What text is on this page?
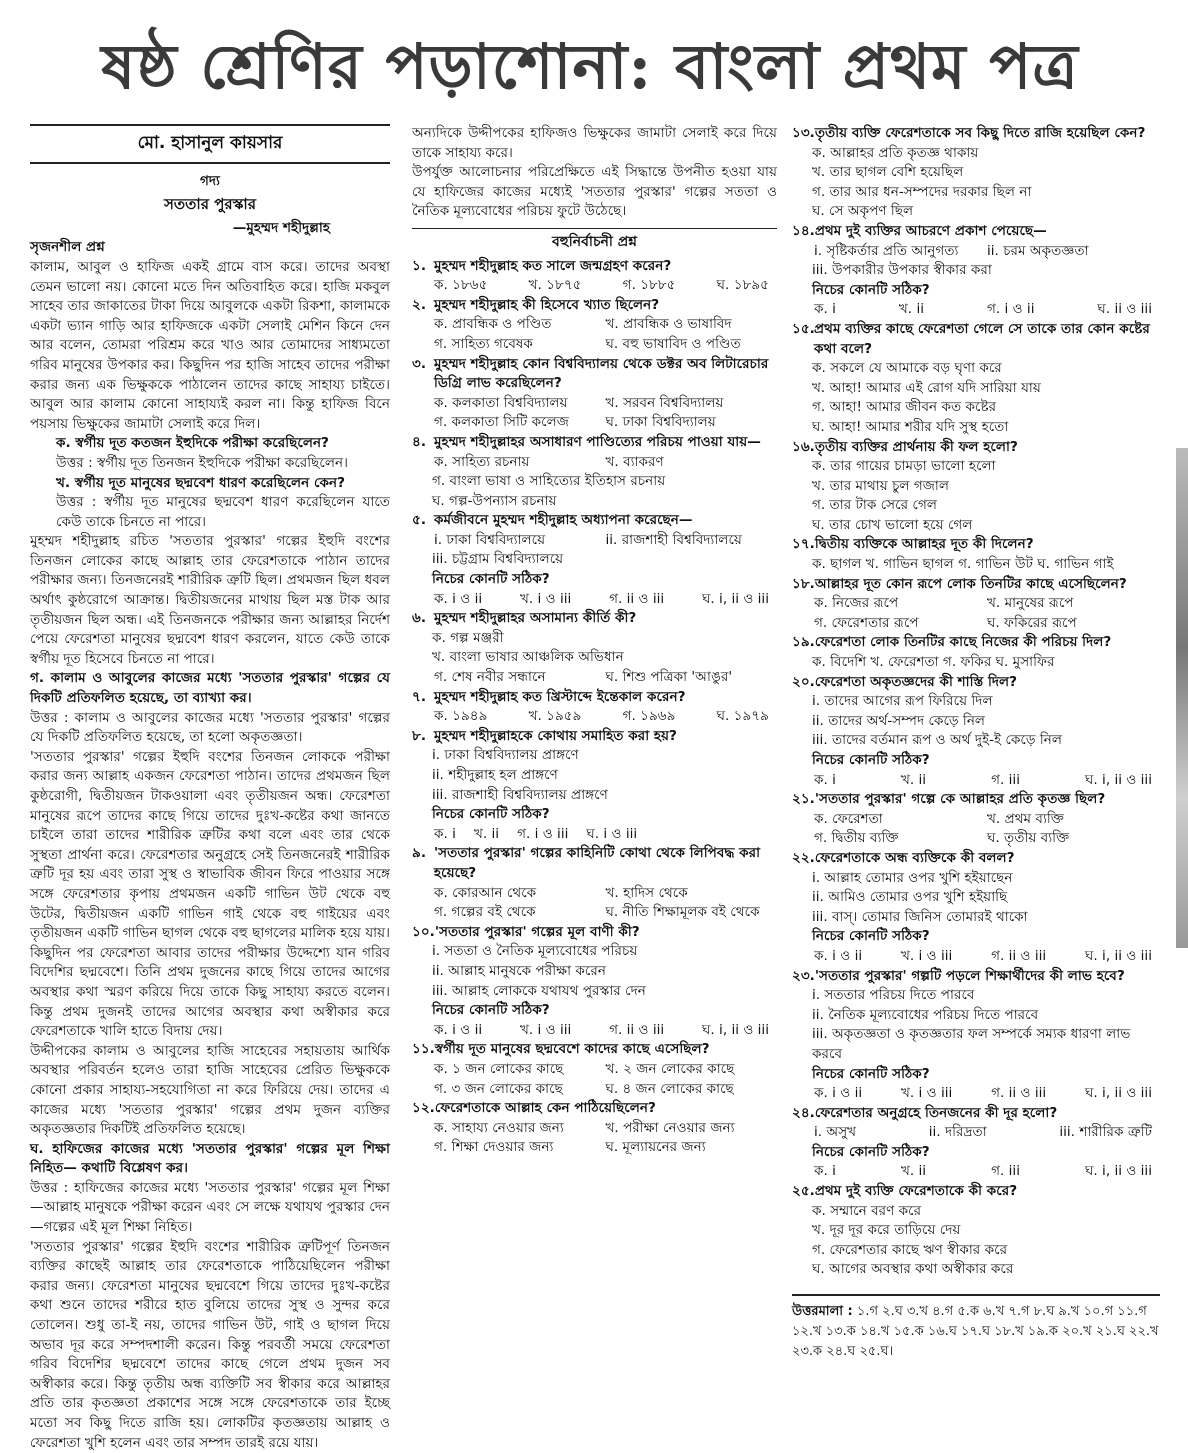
ষষ্ঠ শ্রেণির পড়াশোনা: বাংলা প্রথম পত্র
মো. হাসানুল কায়সার
গদ্য
সততার পুরস্কার
—মুহম্মদ শহীদুল্লাহ
সৃজনশীল প্রশ্ন
কালাম, আবুল ও হাফিজ একই গ্রামে বাস করে। তাদের অবস্থা তেমন ভালো নয়। কোনো মতে দিন অতিবাহিত করে। হাজি মকবুল সাহেব তার জাকাতের টাকা দিয়ে আবুলকে একটা রিকশা, কালামকে একটা ভ্যান গাড়ি আর হাফিজকে একটা সেলাই মেশিন কিনে দেন আর বলেন, তোমরা পরিশ্রম করে খাও আর তোমাদের সাধ্যমতো গরিব মানুষের উপকার কর। কিছুদিন পর হাজি সাহেব তাদের পরীক্ষা করার জন্য এক ভিক্ষুককে পাঠালেন তাদের কাছে সাহায্য চাইতে। আবুল আর কালাম কোনো সাহায্যই করল না। কিন্তু হাফিজ বিনে পয়সায় ভিক্ষুকের জামাটা সেলাই করে দিল।
ক. স্বর্গীয় দূত কতজন ইহুদিকে পরীক্ষা করেছিলেন?
উত্তর : স্বর্গীয় দূত তিনজন ইহুদিকে পরীক্ষা করেছিলেন।
খ. স্বর্গীয় দূত মানুষের ছদ্মবেশ ধারণ করেছিলেন কেন?
উত্তর : স্বর্গীয় দূত মানুষের ছদ্মবেশ ধারণ করেছিলেন যাতে কেউ তাকে চিনতে না পারে।
মুহম্মদ শহীদুল্লাহ রচিত 'সততার পুরস্কার' গল্পের ইহুদি বংশের তিনজন লোকের কাছে আল্লাহ তার ফেরেশতাকে পাঠান তাদের পরীক্ষার জন্য। তিনজনেরই শারীরিক ত্রুটি ছিল। প্রথমজন ছিল ধবল অর্থাৎ কুষ্ঠরোগে আক্রান্ত। দ্বিতীয়জনের মাথায় ছিল মস্ত টাক আর তৃতীয়জন ছিল অন্ধ। এই তিনজনকে পরীক্ষার জন্য আল্লাহর নির্দেশ পেয়ে ফেরেশতা মানুষের ছদ্মবেশ ধারণ করলেন, যাতে কেউ তাকে স্বর্গীয় দূত হিসেবে চিনতে না পারে।
গ. কালাম ও আবুলের কাজের মধ্যে 'সততার পুরস্কার' গল্পের যে দিকটি প্রতিফলিত হয়েছে, তা ব্যাখ্যা কর।
উত্তর : কালাম ও আবুলের কাজের মধ্যে 'সততার পুরস্কার' গল্পের যে দিকটি প্রতিফলিত হয়েছে, তা হলো অকৃতজ্ঞতা।
'সততার পুরস্কার' গল্পের ইহুদি বংশের তিনজন লোককে পরীক্ষা করার জন্য আল্লাহ একজন ফেরেশতা পাঠান। তাদের প্রথমজন ছিল কুষ্ঠরোগী, দ্বিতীয়জন টাকওয়ালা এবং তৃতীয়জন অন্ধ। ফেরেশতা মানুষের রূপে তাদের কাছে গিয়ে তাদের দুঃখ-কষ্টের কথা জানতে চাইলে তারা তাদের শারীরিক ত্রুটির কথা বলে এবং তার থেকে সুস্থতা প্রার্থনা করে। ফেরেশতার অনুগ্রহে সেই তিনজনেরই শারীরিক ত্রুটি দূর হয় এবং তারা সুস্থ ও স্বাভাবিক জীবন ফিরে পাওয়ার সঙ্গে সঙ্গে ফেরেশতার কৃপায় প্রথমজন একটি গাভিন উট থেকে বহু উটের, দ্বিতীয়জন একটি গাভিন গাই থেকে বহু গাইয়ের এবং তৃতীয়জন একটি গাভিন ছাগল থেকে বহু ছাগলের মালিক হয়ে যায়। কিছুদিন পর ফেরেশতা আবার তাদের পরীক্ষার উদ্দেশ্যে যান গরিব বিদেশির ছদ্মবেশে। তিনি প্রথম দুজনের কাছে গিয়ে তাদের আগের অবস্থার কথা স্মরণ করিয়ে দিয়ে তাকে কিছু সাহায্য করতে বলেন। কিন্তু প্রথম দুজনই তাদের আগের অবস্থার কথা অস্বীকার করে ফেরেশতাকে খালি হাতে বিদায় দেয়।
উদ্দীপকের কালাম ও আবুলের হাজি সাহেবের সহায়তায় আর্থিক অবস্থার পরিবর্তন হলেও তারা হাজি সাহেবের প্রেরিত ভিক্ষুককে কোনো প্রকার সাহায্য-সহযোগিতা না করে ফিরিয়ে দেয়। তাদের এ কাজের মধ্যে 'সততার পুরস্কার' গল্পের প্রথম দুজন ব্যক্তির অকৃতজ্ঞতার দিকটিই প্রতিফলিত হয়েছে।
ঘ. হাফিজের কাজের মধ্যে 'সততার পুরস্কার' গল্পের মূল শিক্ষা নিহিত— কথাটি বিশ্লেষণ কর।
উত্তর : হাফিজের কাজের মধ্যে 'সততার পুরস্কার' গল্পের মূল শিক্ষা—আল্লাহ মানুষকে পরীক্ষা করেন এবং সে লক্ষে যথাযথ পুরস্কার দেন—গল্পের এই মূল শিক্ষা নিহিত।
'সততার পুরস্কার' গল্পের ইহুদি বংশের শারীরিক ত্রুটিপূর্ণ তিনজন ব্যক্তির কাছেই আল্লাহ তার ফেরেশতাকে পাঠিয়েছিলেন পরীক্ষা করার জন্য। ফেরেশতা মানুষের ছদ্মবেশে গিয়ে তাদের দুঃখ-কষ্টের কথা শুনে তাদের শরীরে হাত বুলিয়ে তাদের সুস্থ ও সুন্দর করে তোলেন। শুধু তা-ই নয়, তাদের গাভিন উট, গাই ও ছাগল দিয়ে অভাব দূর করে সম্পদশালী করেন। কিন্তু পরবর্তী সময়ে ফেরেশতা গরিব বিদেশির ছদ্মবেশে তাদের কাছে গেলে প্রথম দুজন সব অস্বীকার করে। কিন্তু তৃতীয় অন্ধ ব্যক্তিটি সব স্বীকার করে আল্লাহর প্রতি তার কৃতজ্ঞতা প্রকাশের সঙ্গে সঙ্গে ফেরেশতাকে তার ইচ্ছে মতো সব কিছু দিতে রাজি হয়। লোকটির কৃতজ্ঞতায় আল্লাহ ও ফেরেশতা খুশি হলেন এবং তার সম্পদ তারই রয়ে যায়।
অন্যদিকে উদ্দীপকের হাফিজও ভিক্ষুকের জামাটা সেলাই করে দিয়ে তাকে সাহায্য করে।
উপর্যুক্ত আলোচনার পরিপ্রেক্ষিতে এই সিদ্ধান্তে উপনীত হওয়া যায় যে হাফিজের কাজের মধ্যেই 'সততার পুরস্কার' গল্পের সততা ও নৈতিক মূল্যবোধের পরিচয় ফুটে উঠেছে।
বহুনির্বাচনী প্রশ্ন
১. মুহম্মদ শহীদুল্লাহ কত সালে জন্মগ্রহণ করেন?
ক. ১৮৬৫	খ. ১৮৭৫	গ. ১৮৮৫	ঘ. ১৮৯৫
২. মুহম্মদ শহীদুল্লাহ কী হিসেবে খ্যাত ছিলেন?
ক. প্রাবন্ধিক ও পণ্ডিত	খ. প্রাবন্ধিক ও ভাষাবিদ
গ. সাহিত্য গবেষক	ঘ. বহু ভাষাবিদ ও পণ্ডিত
৩. মুহম্মদ শহীদুল্লাহ কোন বিশ্ববিদ্যালয় থেকে ডক্টর অব লিটারেচার ডিগ্রি লাভ করেছিলেন?
ক. কলকাতা বিশ্ববিদ্যালয়	খ. সরবন বিশ্ববিদ্যালয়
গ. কলকাতা সিটি কলেজ	ঘ. ঢাকা বিশ্ববিদ্যালয়
৪. মুহম্মদ শহীদুল্লাহর অসাধারণ পাণ্ডিত্যের পরিচয় পাওয়া যায়—
ক. সাহিত্য রচনায়	খ. ব্যাকরণ
গ. বাংলা ভাষা ও সাহিত্যের ইতিহাস রচনায়
ঘ. গল্প-উপন্যাস রচনায়
৫. কর্মজীবনে মুহম্মদ শহীদুল্লাহ অধ্যাপনা করেছেন—
i. ঢাকা বিশ্ববিদ্যালয়ে	ii. রাজশাহী বিশ্ববিদ্যালয়ে
iii. চট্টগ্রাম বিশ্ববিদ্যালয়ে
নিচের কোনটি সঠিক?
ক. i ও ii	খ. i ও iii	গ. ii ও iii	ঘ. i, ii ও iii
৬. মুহম্মদ শহীদুল্লাহর অসামান্য কীর্তি কী?
ক. গল্প মঞ্জরী
খ. বাংলা ভাষার আঞ্চলিক অভিধান
গ. শেষ নবীর সন্ধানে	ঘ. শিশু পত্রিকা 'আঙুর'
৭. মুহম্মদ শহীদুল্লাহ কত খ্রিস্টাব্দে ইন্তেকাল করেন?
ক. ১৯৪৯	খ. ১৯৫৯	গ. ১৯৬৯	ঘ. ১৯৭৯
৮. মুহম্মদ শহীদুল্লাহকে কোথায় সমাহিত করা হয়?
i. ঢাকা বিশ্ববিদ্যালয় প্রাঙ্গণে
ii. শহীদুল্লাহ হল প্রাঙ্গণে
iii. রাজশাহী বিশ্ববিদ্যালয় প্রাঙ্গণে
নিচের কোনটি সঠিক?
ক. i খ. ii গ. i ও iii ঘ. i ও iii
৯. 'সততার পুরস্কার' গল্পের কাহিনিটি কোথা থেকে লিপিবদ্ধ করা হয়েছে?
ক. কোরআন থেকে	খ. হাদিস থেকে
গ. গল্পের বই থেকে	ঘ. নীতি শিক্ষামূলক বই থেকে
১০. 'সততার পুরস্কার' গল্পের মূল বাণী কী?
i. সততা ও নৈতিক মূল্যবোধের পরিচয়
ii. আল্লাহ মানুষকে পরীক্ষা করেন
iii. আল্লাহ লোককে যথাযথ পুরস্কার দেন
নিচের কোনটি সঠিক?
ক. i ও ii	খ. i ও iii	গ. ii ও iii	ঘ. i, ii ও iii
১১. স্বর্গীয় দূত মানুষের ছদ্মবেশে কাদের কাছে এসেছিল?
ক. ১ জন লোকের কাছে	খ. ২ জন লোকের কাছে
গ. ৩ জন লোকের কাছে	ঘ. ৪ জন লোকের কাছে
১২. ফেরেশতাকে আল্লাহ কেন পাঠিয়েছিলেন?
ক. সাহায্য নেওয়ার জন্য	খ. পরীক্ষা নেওয়ার জন্য
গ. শিক্ষা দেওয়ার জন্য	ঘ. মূল্যায়নের জন্য
১৩. তৃতীয় ব্যক্তি ফেরেশতাকে সব কিছু দিতে রাজি হয়েছিল কেন?
ক. আল্লাহর প্রতি কৃতজ্ঞ থাকায়
খ. তার ছাগল বেশি হয়েছিল
গ. তার আর ধন-সম্পদের দরকার ছিল না
ঘ. সে অকৃপণ ছিল
১৪. প্রথম দুই ব্যক্তির আচরণে প্রকাশ পেয়েছে—
i. সৃষ্টিকর্তার প্রতি আনুগত্য	ii. চরম অকৃতজ্ঞতা
iii. উপকারীর উপকার স্বীকার করা
নিচের কোনটি সঠিক?
ক. i	খ. ii	গ. i ও ii	ঘ. ii ও iii
১৫. প্রথম ব্যক্তির কাছে ফেরেশতা গেলে সে তাকে তার কোন কষ্টের কথা বলে?
ক. সকলে যে আমাকে বড় ঘৃণা করে
খ. আহা! আমার এই রোগ যদি সারিয়া যায়
গ. আহা! আমার জীবন কত কষ্টের
ঘ. আহা! আমার শরীর যদি সুস্থ হতো
১৬. তৃতীয় ব্যক্তির প্রার্থনায় কী ফল হলো?
ক. তার গায়ের চামড়া ভালো হলো
খ. তার মাথায় চুল গজাল
গ. তার টাক সেরে গেল
ঘ. তার চোখ ভালো হয়ে গেল
১৭. দ্বিতীয় ব্যক্তিকে আল্লাহর দূত কী দিলেন?
ক. ছাগল খ. গাভিন ছাগল গ. গাভিন উট ঘ. গাভিন গাই
১৮. আল্লাহর দূত কোন রূপে লোক তিনটির কাছে এসেছিলেন?
ক. নিজের রূপে	খ. মানুষের রূপে
গ. ফেরেশতার রূপে	ঘ. ফকিরের রূপে
১৯. ফেরেশতা লোক তিনটির কাছে নিজের কী পরিচয় দিল?
ক. বিদেশি খ. ফেরেশতা গ. ফকির ঘ. মুসাফির
২০. ফেরেশতা অকৃতজ্ঞদের কী শাস্তি দিল?
i. তাদের আগের রূপ ফিরিয়ে দিল
ii. তাদের অর্থ-সম্পদ কেড়ে নিল
iii. তাদের বর্তমান রূপ ও অর্থ দুই-ই কেড়ে নিল
নিচের কোনটি সঠিক?
ক. i	খ. ii	গ. iii	ঘ. i, ii ও iii
২১. 'সততার পুরস্কার' গল্পে কে আল্লাহর প্রতি কৃতজ্ঞ ছিল?
ক. ফেরেশতা	খ. প্রথম ব্যক্তি
গ. দ্বিতীয় ব্যক্তি	ঘ. তৃতীয় ব্যক্তি
২২. ফেরেশতাকে অন্ধ ব্যক্তিকে কী বলল?
i. আল্লাহ তোমার ওপর খুশি হইয়াছেন
ii. আমিও তোমার ওপর খুশি হইয়াছি
iii. বাস্। তোমার জিনিস তোমারই থাকো
নিচের কোনটি সঠিক?
ক. i ও ii	খ. i ও iii	গ. ii ও iii	ঘ. i, ii ও iii
২৩. 'সততার পুরস্কার' গল্পটি পড়লে শিক্ষার্থীদের কী লাভ হবে?
i. সততার পরিচয় দিতে পারবে
ii. নৈতিক মূল্যবোধের পরিচয় দিতে পারবে
iii. অকৃতজ্ঞতা ও কৃতজ্ঞতার ফল সম্পর্কে সম্যক ধারণা লাভ করবে
নিচের কোনটি সঠিক?
ক. i ও ii	খ. i ও iii	গ. ii ও iii	ঘ. i, ii ও iii
২৪. ফেরেশতার অনুগ্রহে তিনজনের কী দূর হলো?
i. অসুখ	ii. দরিদ্রতা	iii. শারীরিক ত্রুটি
নিচের কোনটি সঠিক?
ক. i	খ. ii	গ. iii	ঘ. i, ii ও iii
২৫. প্রথম দুই ব্যক্তি ফেরেশতাকে কী করে?
ক. সম্মানে বরণ করে
খ. দূর দূর করে তাড়িয়ে দেয়
গ. ফেরেশতার কাছে ঋণ স্বীকার করে
ঘ. আগের অবস্থার কথা অস্বীকার করে
উত্তরমালা : ১.গ ২.ঘ ৩.খ ৪.গ ৫.ক ৬.খ ৭.গ ৮.ঘ ৯.খ ১০.গ ১১.গ ১২.খ ১৩.ক ১৪.খ ১৫.ক ১৬.ঘ ১৭.ঘ ১৮.খ ১৯.ক ২০.খ ২১.ঘ ২২.খ ২৩.ক ২৪.ঘ ২৫.ঘ।
